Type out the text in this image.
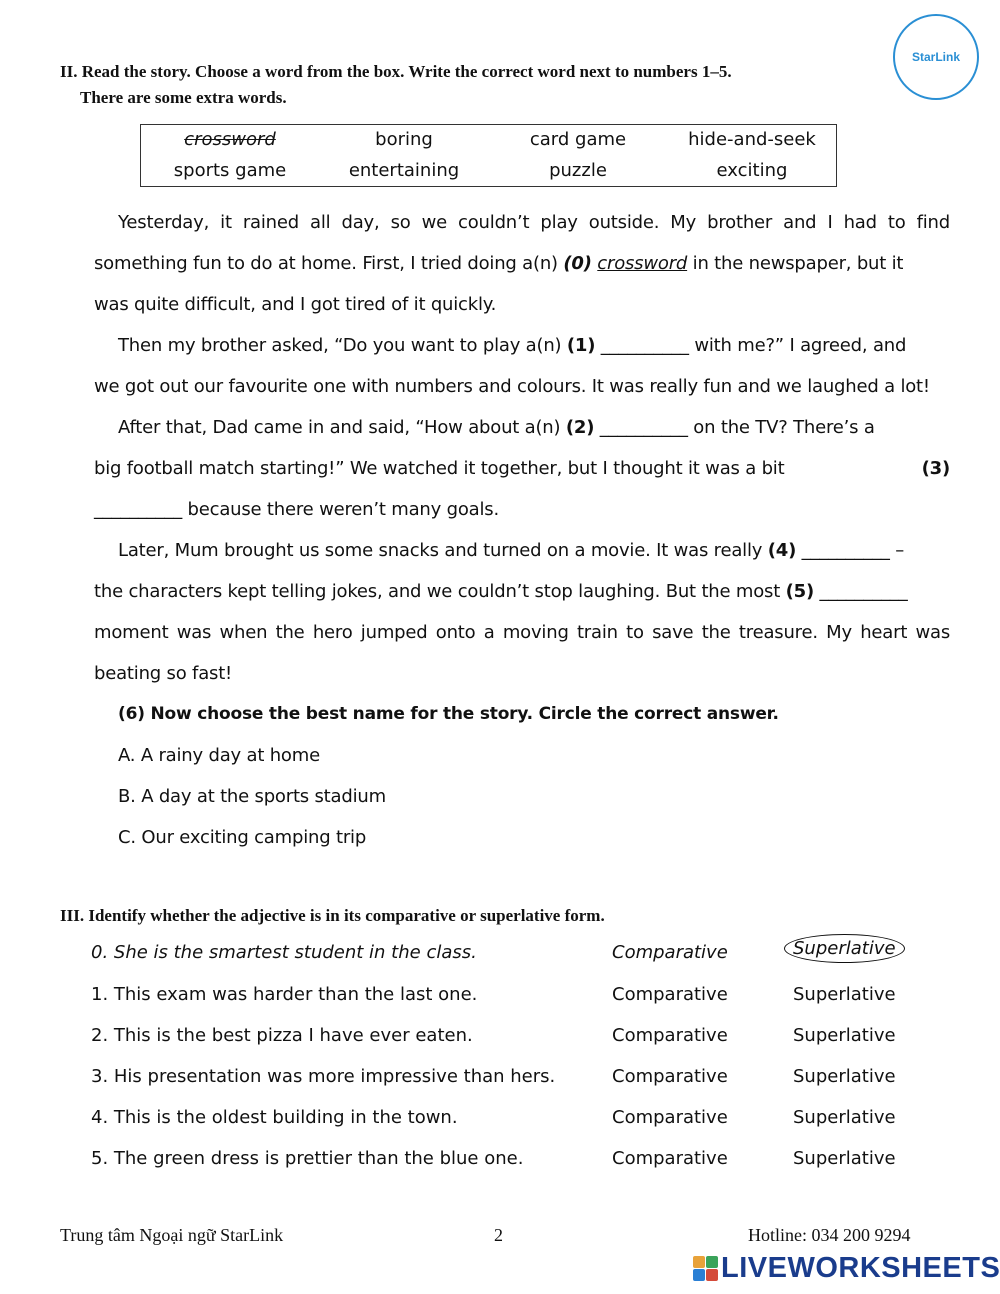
StarLink
II. Read the story. Choose a word from the box. Write the correct word next to numbers 1–5.
There are some extra words.
crossword	boring	card game	hide-and-seek
sports game	entertaining	puzzle	exciting
Yesterday, it rained all day, so we couldn’t play outside. My brother and I had to find
something fun to do at home. First, I tried doing a(n) (0) crossword in the newspaper, but it
was quite difficult, and I got tired of it quickly.
Then my brother asked, “Do you want to play a(n) (1) __________ with me?” I agreed, and
we got out our favourite one with numbers and colours. It was really fun and we laughed a lot!
After that, Dad came in and said, “How about a(n) (2) __________ on the TV? There’s a
big football match starting!” We watched it together, but I thought it was a bit	(3)
__________ because there weren’t many goals.
Later, Mum brought us some snacks and turned on a movie. It was really (4) __________ –
the characters kept telling jokes, and we couldn’t stop laughing. But the most (5) __________
moment was when the hero jumped onto a moving train to save the treasure. My heart was
beating so fast!
(6) Now choose the best name for the story. Circle the correct answer.
A. A rainy day at home
B. A day at the sports stadium
C. Our exciting camping trip
III. Identify whether the adjective is in its comparative or superlative form.
0. She is the smartest student in the class.	Comparative	Superlative
1. This exam was harder than the last one.	Comparative	Superlative
2. This is the best pizza I have ever eaten.	Comparative	Superlative
3. His presentation was more impressive than hers.	Comparative	Superlative
4. This is the oldest building in the town.	Comparative	Superlative
5. The green dress is prettier than the blue one.	Comparative	Superlative
Trung tâm Ngoại ngữ StarLink	2	Hotline: 034 200 9294
LIVEWORKSHEETS
